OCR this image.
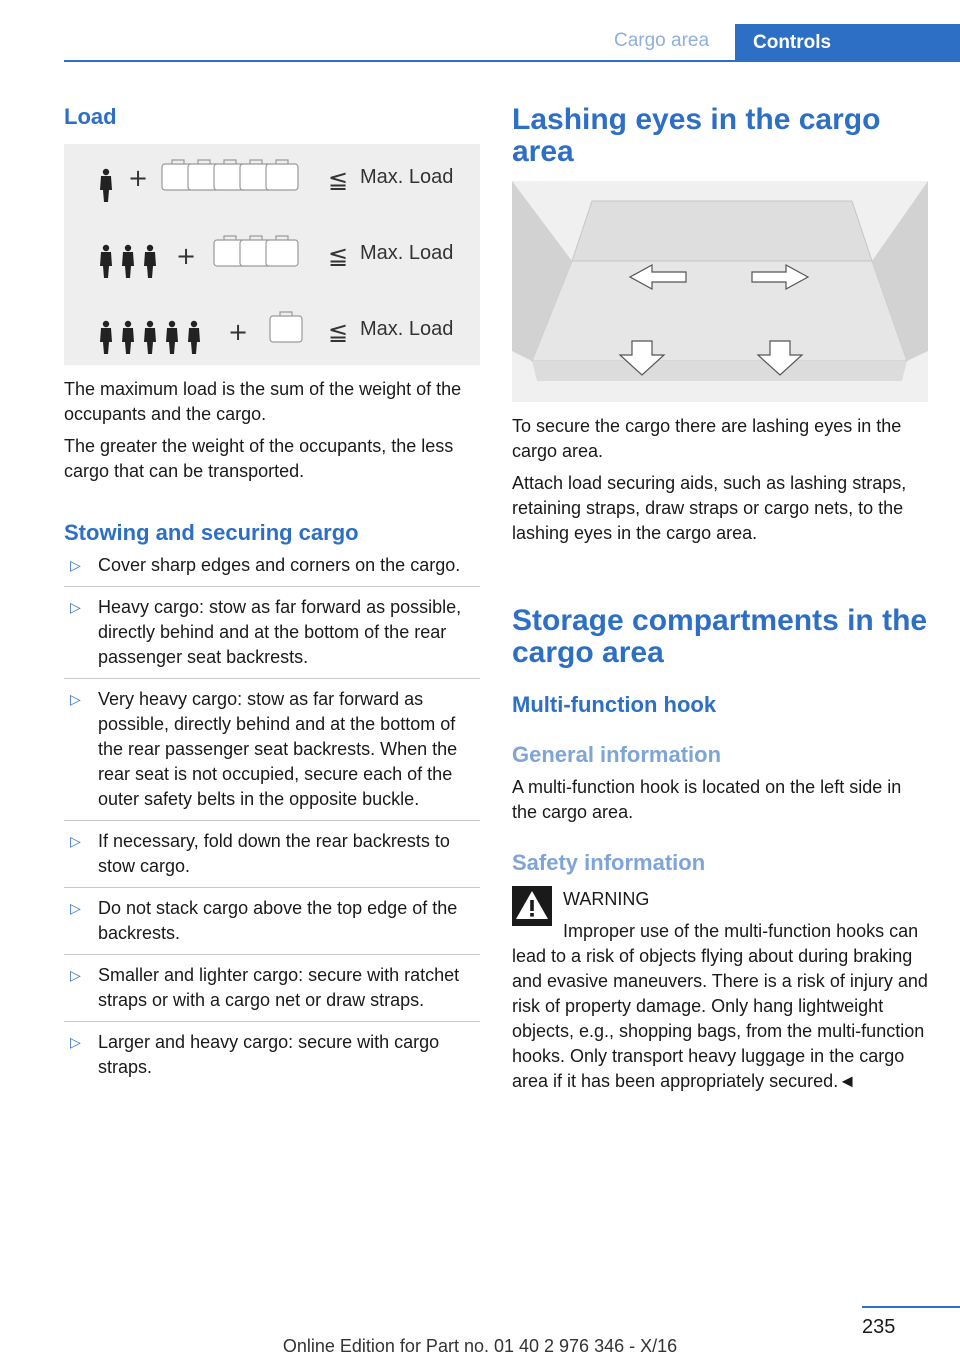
Cargo area	Controls
Load
+	≦
+	≦
+	≦
Max. Load
Max. Load
Max. Load

The maximum load is the sum of the weight of the occupants and the cargo.

The greater the weight of the occupants, the less cargo that can be transported.

Stowing and securing cargo
▷ Cover sharp edges and corners on the cargo.
▷ Heavy cargo: stow as far forward as possible, directly behind and at the bottom of the rear passenger seat backrests.
▷ Very heavy cargo: stow as far forward as possible, directly behind and at the bottom of the rear passenger seat backrests. When the rear seat is not occupied, secure each of the outer safety belts in the opposite buckle.
▷ If necessary, fold down the rear backrests to stow cargo.
▷ Do not stack cargo above the top edge of the backrests.
▷ Smaller and lighter cargo: secure with ratchet straps or with a cargo net or draw straps.
▷ Larger and heavy cargo: secure with cargo straps.
Lashing eyes in the cargo area

To secure the cargo there are lashing eyes in the cargo area.

Attach load securing aids, such as lashing straps, retaining straps, draw straps or cargo nets, to the lashing eyes in the cargo area.

Storage compartments in the cargo area
Multi-function hook
General information

A multi-function hook is located on the left side in the cargo area.

Safety information
WARNING

Improper use of the multi-function hooks can lead to a risk of objects flying about during braking and evasive maneuvers. There is a risk of injury and risk of property damage. Only hang lightweight objects, e.g., shopping bags, from the multi-function hooks. Only transport heavy luggage in the cargo area if it has been appropriately secured.◄

235
Online Edition for Part no. 01 40 2 976 346 - X/16
